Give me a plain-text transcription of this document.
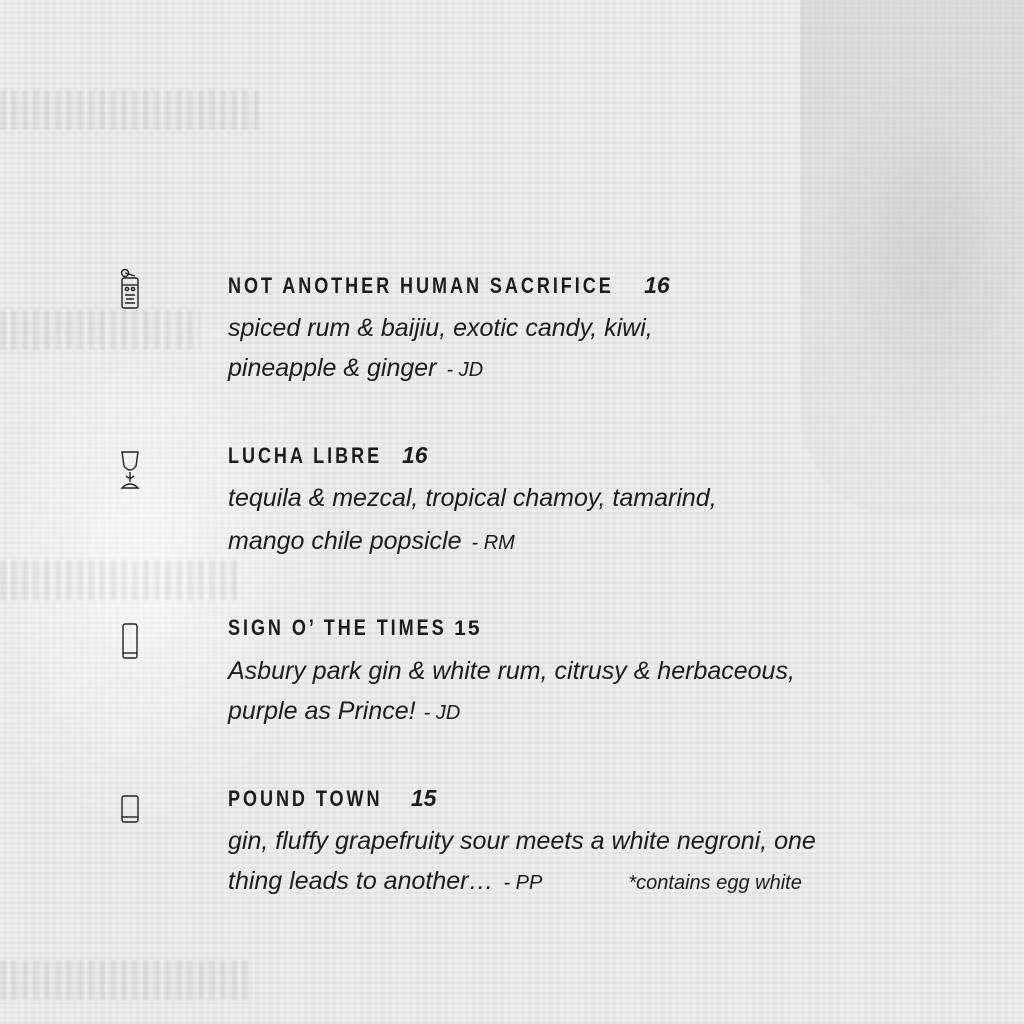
NOT ANOTHER HUMAN SACRIFICE 16
spiced rum & baijiu, exotic candy, kiwi,
pineapple & ginger - JD
LUCHA LIBRE 16
tequila & mezcal, tropical chamoy, tamarind,
mango chile popsicle - RM
SIGN O’ THE TIMES 15
Asbury park gin & white rum, citrusy & herbaceous,
purple as Prince! - JD
POUND TOWN 15
gin, fluffy grapefruity sour meets a white negroni, one
thing leads to another… - PP	*contains egg white
